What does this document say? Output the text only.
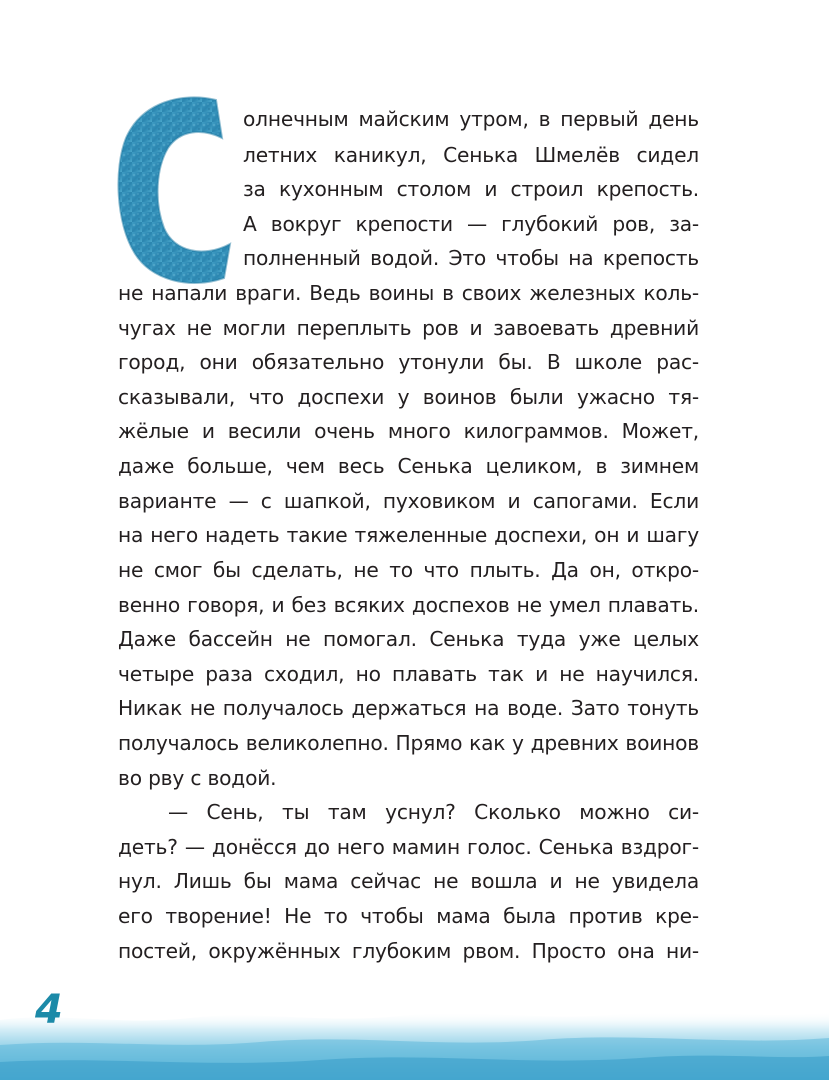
олнечным майским утром, в первый день
летних каникул, Сенька Шмелёв сидел
за кухонным столом и строил крепость.
А вокруг крепости — глубокий ров, за-
полненный водой. Это чтобы на крепость
не напали враги. Ведь воины в своих железных коль-
чугах не могли переплыть ров и завоевать древний
город, они обязательно утонули бы. В школе рас-
сказывали, что доспехи у воинов были ужасно тя-
жёлые и весили очень много килограммов. Может,
даже больше, чем весь Сенька целиком, в зимнем
варианте — с шапкой, пуховиком и сапогами. Если
на него надеть такие тяжеленные доспехи, он и шагу
не смог бы сделать, не то что плыть. Да он, откро-
венно говоря, и без всяких доспехов не умел плавать.
Даже бассейн не помогал. Сенька туда уже целых
четыре раза сходил, но плавать так и не научился.
Никак не получалось держаться на воде. Зато тонуть
получалось великолепно. Прямо как у древних воинов
во рву с водой.
— Сень, ты там уснул? Сколько можно си-
деть? — донёсся до него мамин голос. Сенька вздрог-
нул. Лишь бы мама сейчас не вошла и не увидела
его творение! Не то чтобы мама была против кре-
постей, окружённых глубоким рвом. Просто она ни-
4
